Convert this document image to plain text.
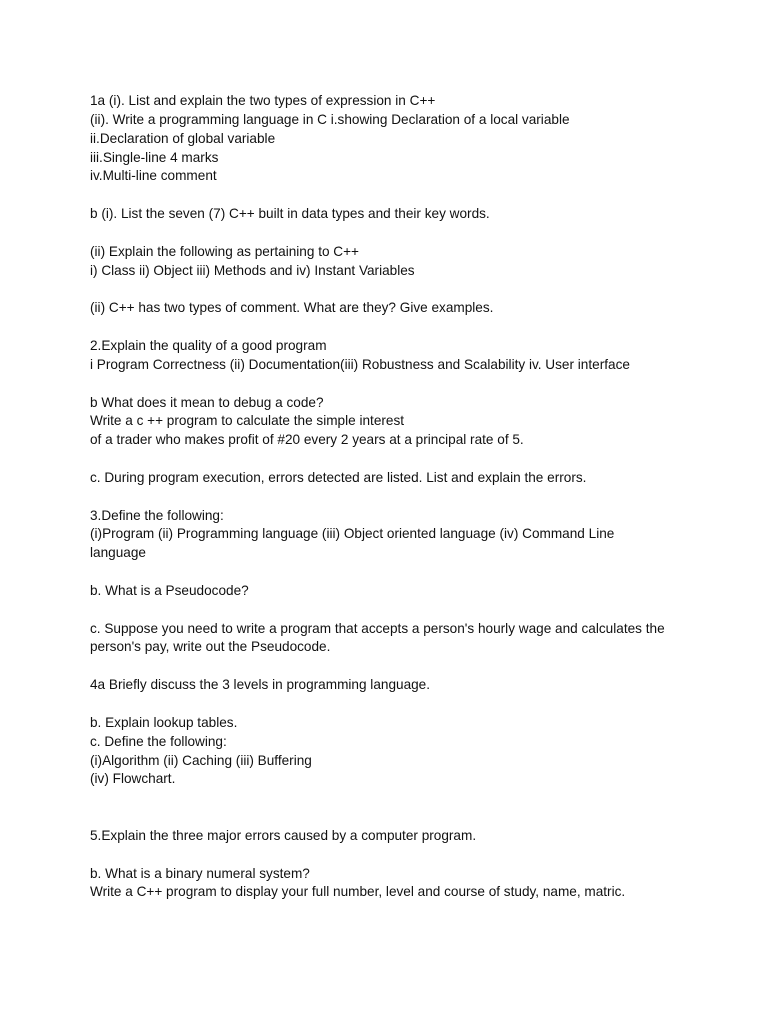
1a (i). List and explain the two types of expression in C++
(ii). Write a programming language in C i.showing Declaration of a local variable
ii.Declaration of global variable
iii.Single-line 4 marks
iv.Multi-line comment
b (i). List the seven (7) C++ built in data types and their key words.
(ii) Explain the following as pertaining to C++
i) Class ii) Object iii) Methods and iv) Instant Variables
(ii) C++ has two types of comment. What are they? Give examples.
2.Explain the quality of a good program
i Program Correctness (ii) Documentation(iii) Robustness and Scalability iv. User interface
b What does it mean to debug a code?
Write a c ++ program to calculate the simple interest
of a trader who makes profit of #20 every 2 years at a principal rate of 5.
c. During program execution, errors detected are listed. List and explain the errors.
3.Define the following:
(i)Program (ii) Programming language (iii) Object oriented language (iv) Command Line
language
b. What is a Pseudocode?
c. Suppose you need to write a program that accepts a person's hourly wage and calculates the
person's pay, write out the Pseudocode.
4a Briefly discuss the 3 levels in programming language.
b. Explain lookup tables.
c. Define the following:
(i)Algorithm (ii) Caching (iii) Buffering
(iv) Flowchart.
5.Explain the three major errors caused by a computer program.
b. What is a binary numeral system?
Write a C++ program to display your full number, level and course of study, name, matric.
